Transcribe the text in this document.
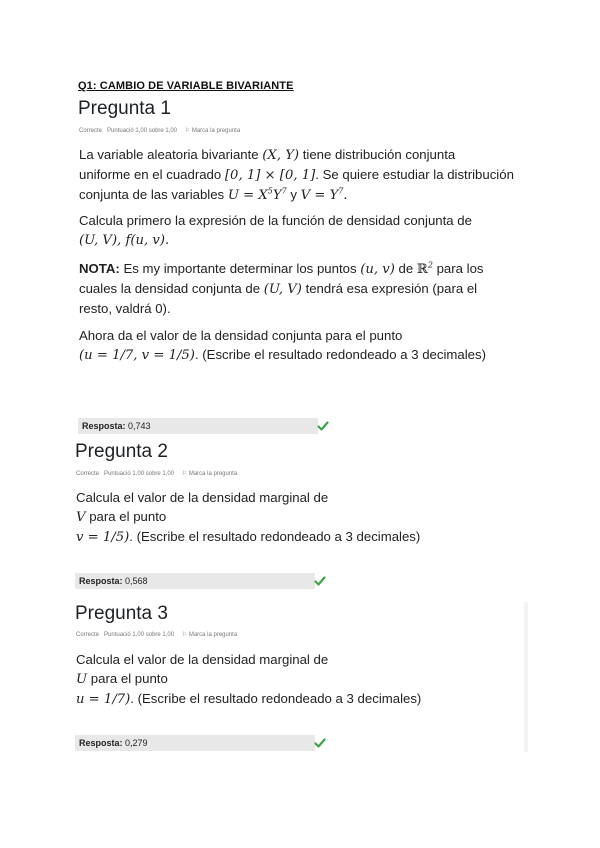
Q1: CAMBIO DE VARIABLE BIVARIANTE
Pregunta 1
Correcte Puntuació 1,00 sobre 1,00 ⚐ Marca la pregunta
La variable aleatoria bivariante (X, Y) tiene distribución conjunta
uniforme en el cuadrado [0, 1] × [0, 1]. Se quiere estudiar la distribución
conjunta de las variables $U = X^5Y^7$ y $V = Y^7$.
Calcula primero la expresión de la función de densidad conjunta de
(U, V), f(u, v).
NOTA: Es my importante determinar los puntos (u, v) de ℝ$^2$ para los
cuales la densidad conjunta de (U, V) tendrá esa expresión (para el
resto, valdrá 0).
Ahora da el valor de la densidad conjunta para el punto
(u = 1/7, v = 1/5). (Escribe el resultado redondeado a 3 decimales)
Resposta: 0,743
Pregunta 2
Correcte Puntuació 1,00 sobre 1,00 ⚐ Marca la pregunta
Calcula el valor de la densidad marginal de
V para el punto
v = 1/5). (Escribe el resultado redondeado a 3 decimales)
Resposta: 0,568
Pregunta 3
Correcte Puntuació 1,00 sobre 1,00 ⚐ Marca la pregunta
Calcula el valor de la densidad marginal de
U para el punto
u = 1/7). (Escribe el resultado redondeado a 3 decimales)
Resposta: 0,279
